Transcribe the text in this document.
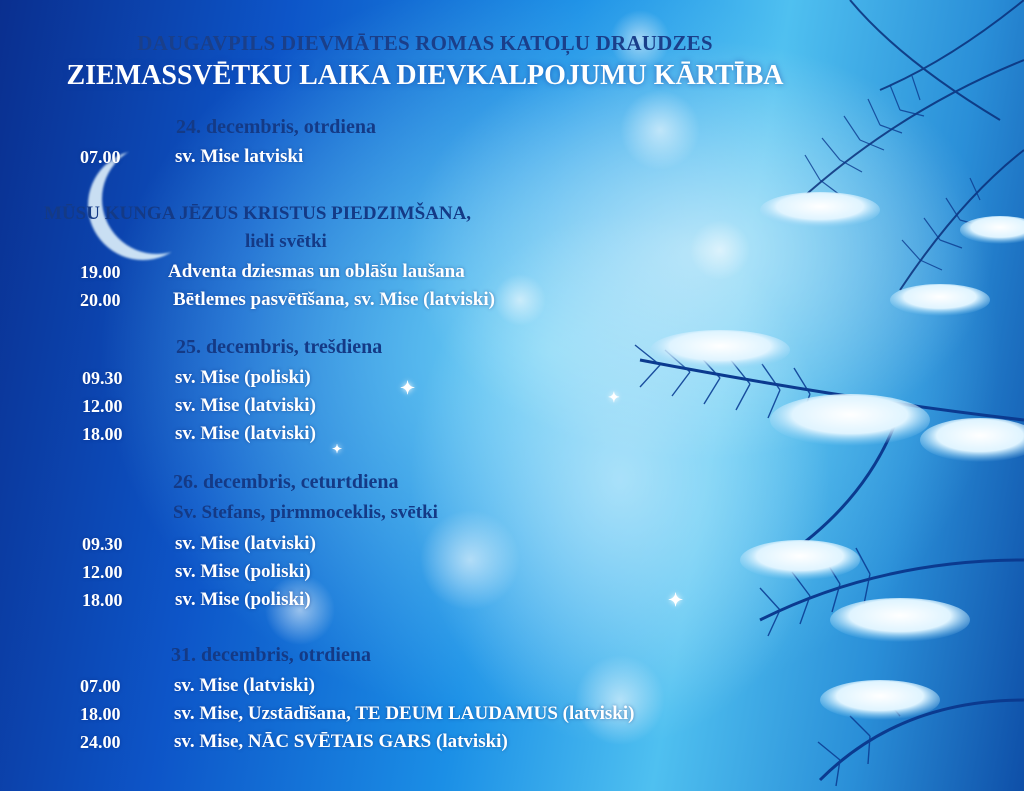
✦
✦
✦
✦
DAUGAVPILS DIEVMĀTES ROMAS KATOĻU DRAUDZES
ZIEMASSVĒTKU LAIKA DIEVKALPOJUMU KĀRTĪBA
24. decembris, otrdiena
07.00	sv. Mise latviski
MŪSU KUNGA JĒZUS KRISTUS PIEDZIMŠANA,
lieli svētki
19.00	Adventa dziesmas un oblāšu laušana
20.00	Bētlemes pasvētīšana, sv. Mise (latviski)
25. decembris, trešdiena
09.30	sv. Mise (poliski)
12.00	sv. Mise (latviski)
18.00	sv. Mise (latviski)
26. decembris, ceturtdiena
Sv. Stefans, pirmmoceklis, svētki
09.30	sv. Mise (latviski)
12.00	sv. Mise (poliski)
18.00	sv. Mise (poliski)
31. decembris, otrdiena
07.00	sv. Mise (latviski)
18.00	sv. Mise, Uzstādīšana, TE DEUM LAUDAMUS (latviski)
24.00	sv. Mise, NĀC SVĒTAIS GARS (latviski)
